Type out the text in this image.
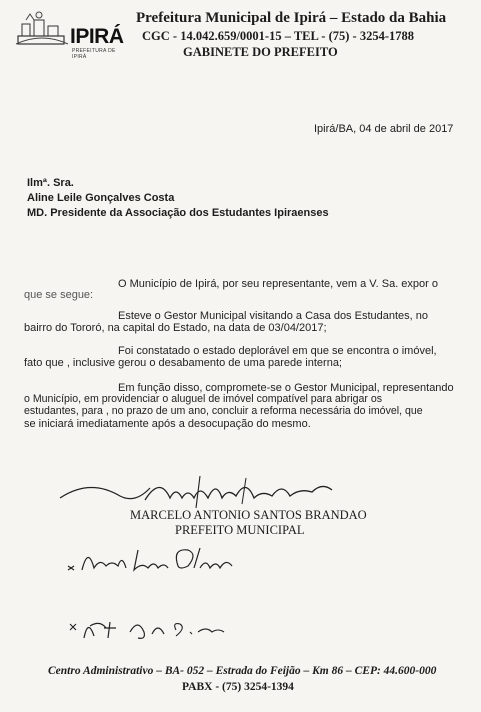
IPIRÁ
PREFEITURA DE IPIRÁ
Prefeitura Municipal de Ipirá – Estado da Bahia
CGC - 14.042.659/0001-15 – TEL - (75) - 3254-1788
GABINETE DO PREFEITO
Ipirá/BA, 04 de abril de 2017
Ilmª. Sra.
Aline Leile Gonçalves Costa
MD. Presidente da Associação dos Estudantes Ipiraenses
O Município de Ipirá, por seu representante, vem a V. Sa. expor o
que se segue:
Esteve o Gestor Municipal visitando a Casa dos Estudantes, no
bairro do Tororó, na capital do Estado, na data de 03/04/2017;
Foi constatado o estado deplorável em que se encontra o imóvel,
fato que , inclusive gerou o desabamento de uma parede interna;
Em função disso, compromete-se o Gestor Municipal, representando
o Município, em providenciar o aluguel de imóvel compatível para abrigar os
estudantes, para , no prazo de um ano, concluir a reforma necessária do imóvel, que
se iniciará imediatamente após a desocupação do mesmo.
MARCELO ANTONIO SANTOS BRANDAO
PREFEITO MUNICIPAL
Centro Administrativo – BA- 052 – Estrada do Feijão – Km 86 – CEP: 44.600-000
PABX - (75) 3254-1394
